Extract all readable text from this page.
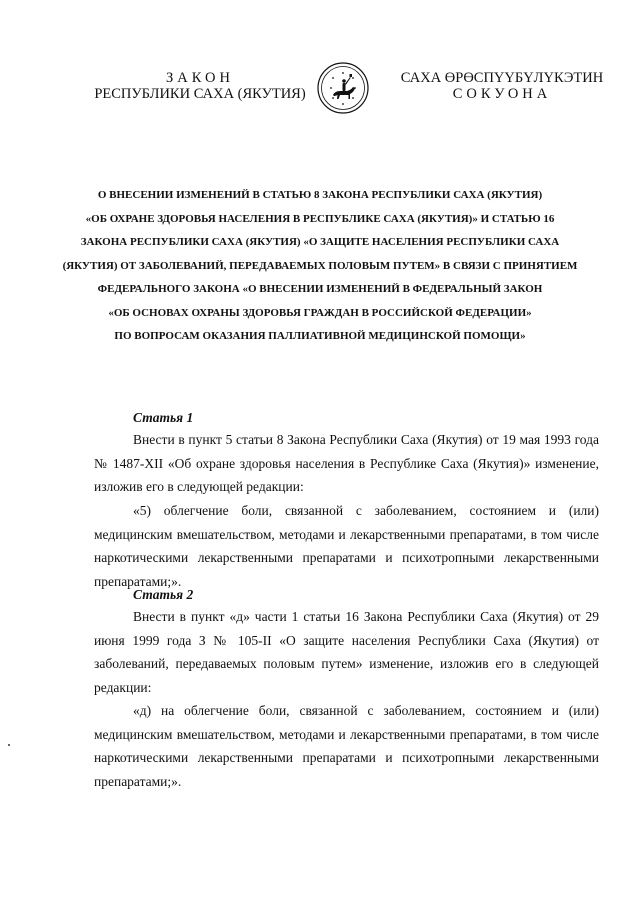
ЗАКОН
РЕСПУБЛИКИ САХА (ЯКУТИЯ)
САХА ӨРӨСПҮҮБҮЛҮКЭТИН
СОКУОНА
О ВНЕСЕНИИ ИЗМЕНЕНИЙ В СТАТЬЮ 8 ЗАКОНА РЕСПУБЛИКИ САХА (ЯКУТИЯ)
«ОБ ОХРАНЕ ЗДОРОВЬЯ НАСЕЛЕНИЯ В РЕСПУБЛИКЕ САХА (ЯКУТИЯ)» И СТАТЬЮ 16
ЗАКОНА РЕСПУБЛИКИ САХА (ЯКУТИЯ) «О ЗАЩИТЕ НАСЕЛЕНИЯ РЕСПУБЛИКИ САХА
(ЯКУТИЯ) ОТ ЗАБОЛЕВАНИЙ, ПЕРЕДАВАЕМЫХ ПОЛОВЫМ ПУТЕМ» В СВЯЗИ С ПРИНЯТИЕМ
ФЕДЕРАЛЬНОГО ЗАКОНА «О ВНЕСЕНИИ ИЗМЕНЕНИЙ В ФЕДЕРАЛЬНЫЙ ЗАКОН
«ОБ ОСНОВАХ ОХРАНЫ ЗДОРОВЬЯ ГРАЖДАН В РОССИЙСКОЙ ФЕДЕРАЦИИ»
ПО ВОПРОСАМ ОКАЗАНИЯ ПАЛЛИАТИВНОЙ МЕДИЦИНСКОЙ ПОМОЩИ»
Статья 1
Внести в пункт 5 статьи 8 Закона Республики Саха (Якутия) от 19 мая 1993 года № 1487-XII «Об охране здоровья населения в Республике Саха (Якутия)» изменение, изложив его в следующей редакции:
«5) облегчение боли, связанной с заболеванием, состоянием и (или) медицинским вмешательством, методами и лекарственными препаратами, в том числе наркотическими лекарственными препаратами и психотропными лекарственными препаратами;».
Статья 2
Внести в пункт «д» части 1 статьи 16 Закона Республики Саха (Якутия) от 29 июня 1999 года З № 105-II «О защите населения Республики Саха (Якутия) от заболеваний, передаваемых половым путем» изменение, изложив его в следующей редакции:
«д) на облегчение боли, связанной с заболеванием, состоянием и (или) медицинским вмешательством, методами и лекарственными препаратами, в том числе наркотическими лекарственными препаратами и психотропными лекарственными препаратами;».
